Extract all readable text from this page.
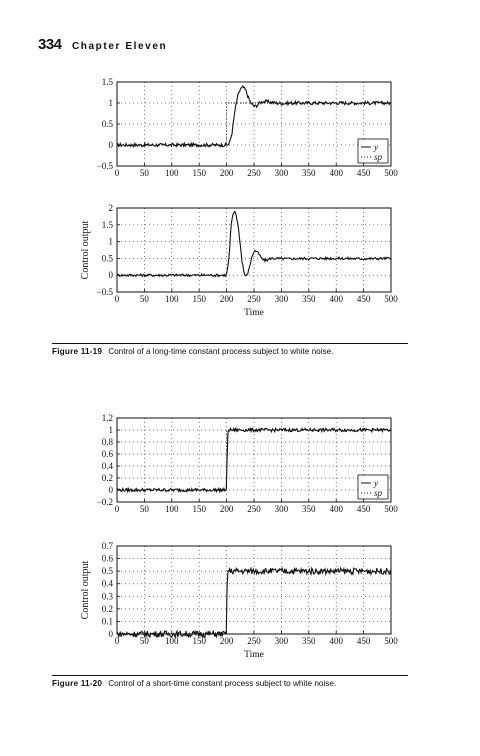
334 Chapter Eleven
0 50 100 150 200 250 300 350 400 450 500
−0.5
0
0.5
1
1.5
y
sp
0 50 100 150 200 250 300 350 400 450 500
−0.5
0
0.5
1
1.5
2
Time
Control output
Figure 11-19 Control of a long-time constant process subject to white noise.
0 50 100 150 200 250 300 350 400 450 500
−0.2
0
0.2
0.4
0.6
0.8
1
1.2
y
sp
0 50 100 150 200 250 300 350 400 450 500
0
0.1
0.2
0.3
0.4
0.5
0.6
0.7
Time
Control output
Figure 11-20 Control of a short-time constant process subject to white noise.
